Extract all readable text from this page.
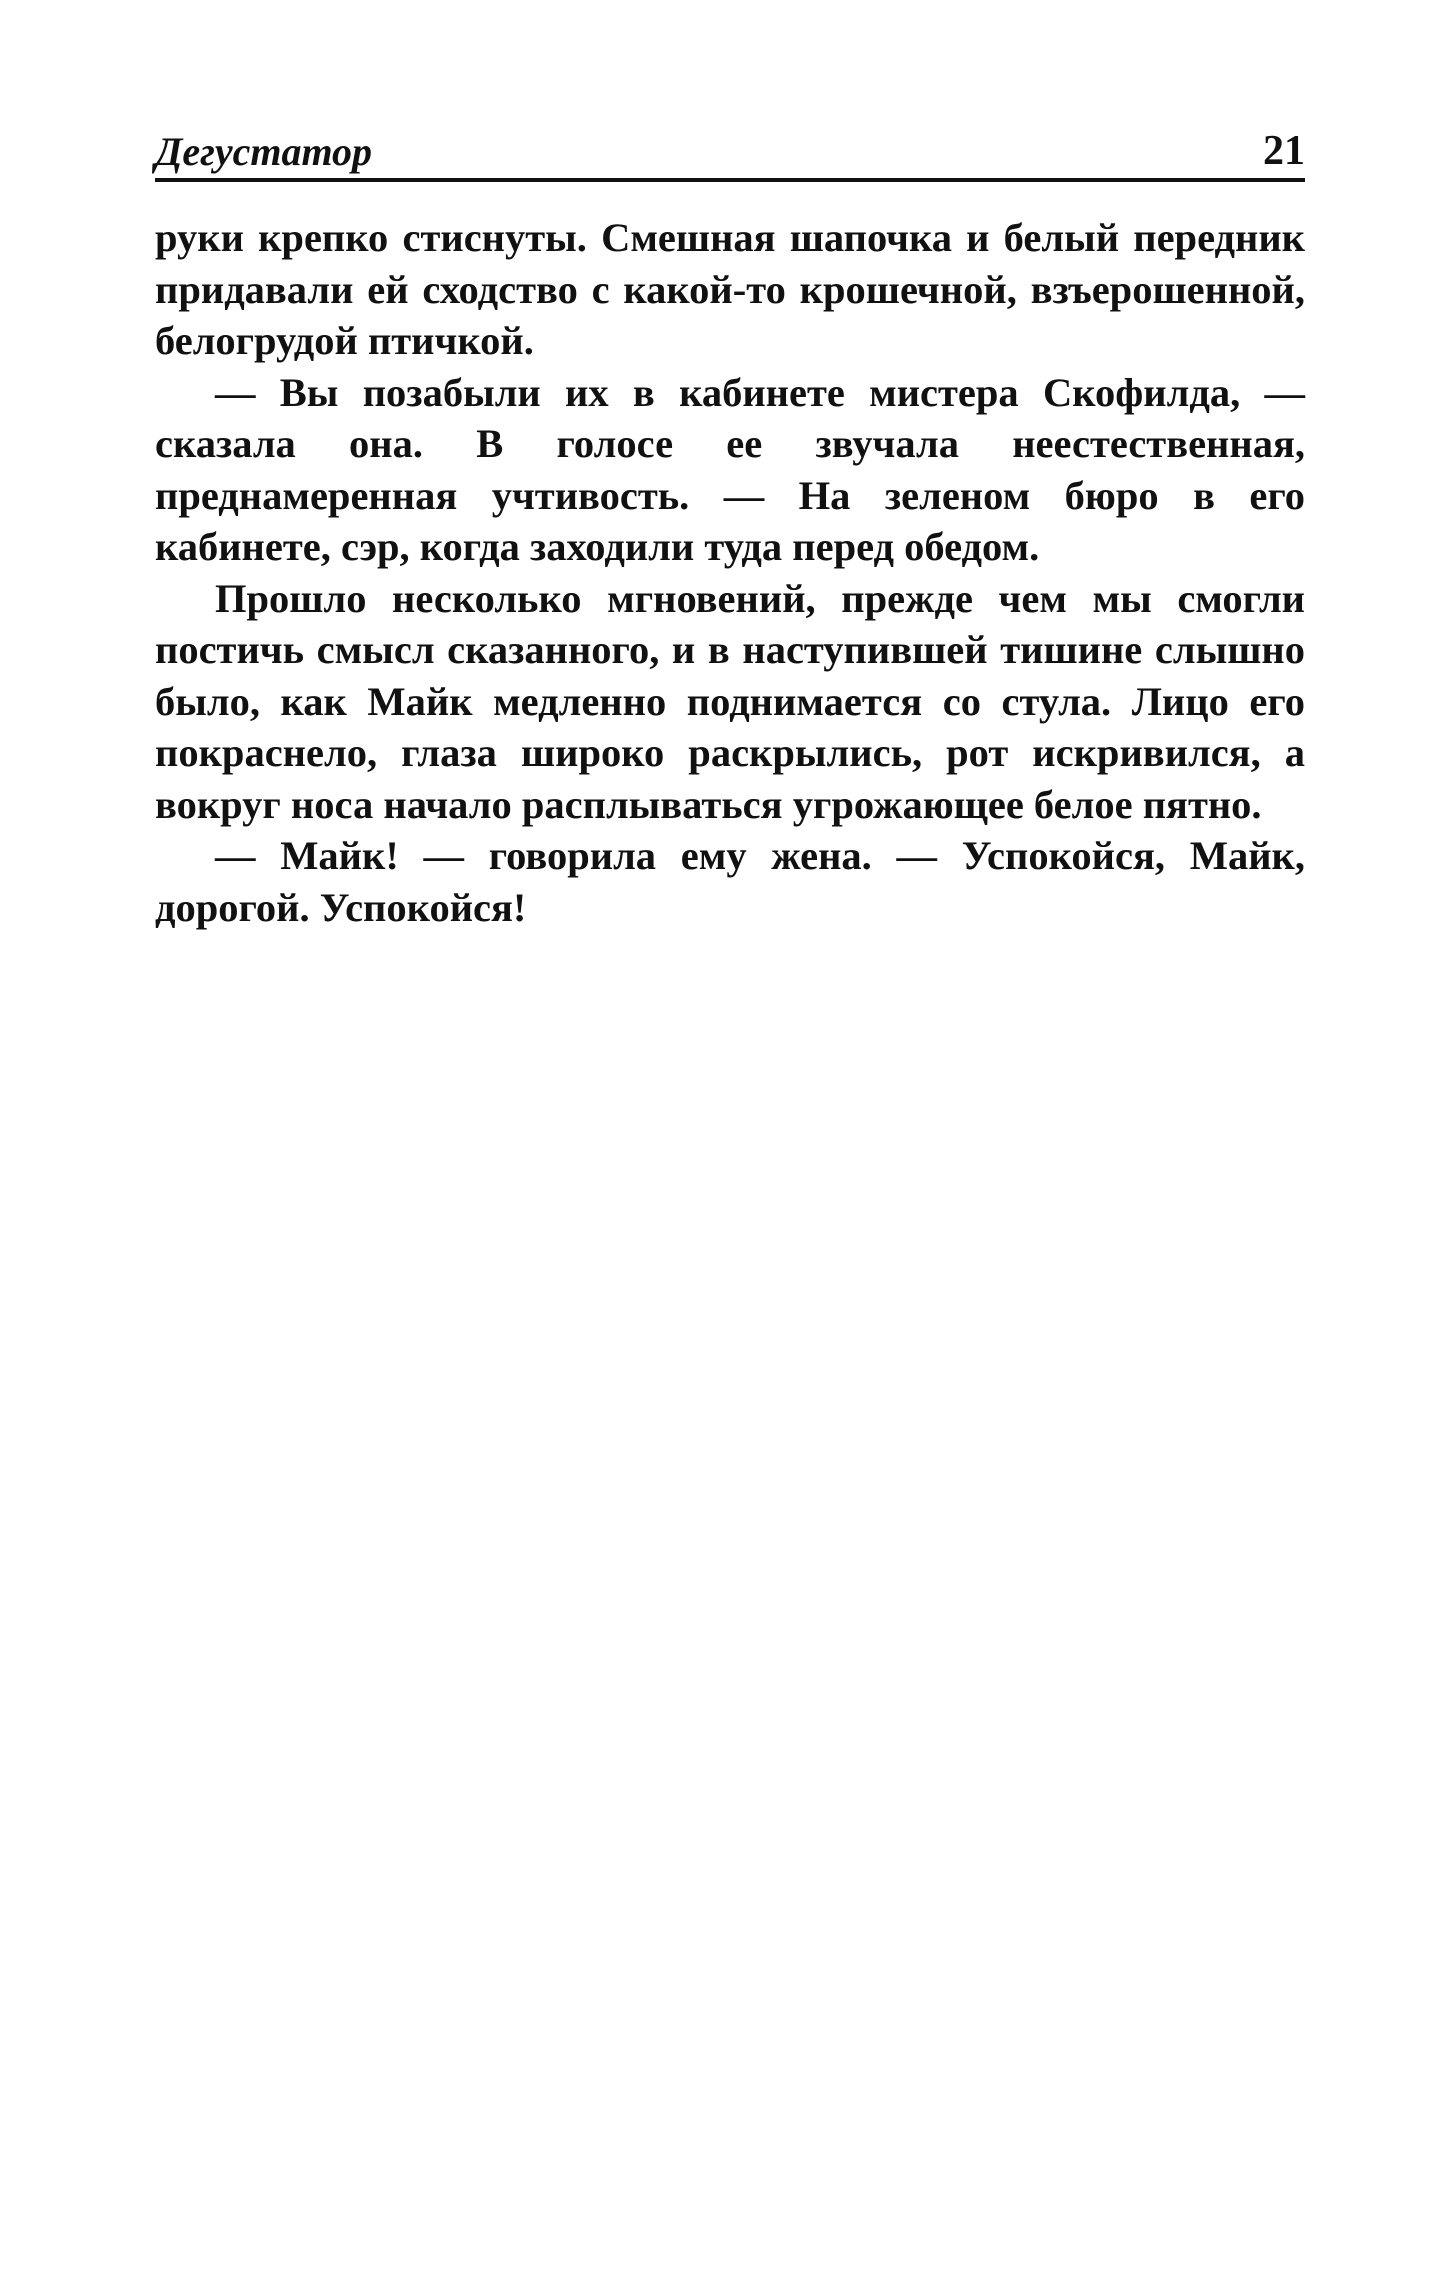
Дегустатор	21

руки крепко стиснуты. Смешная шапочка и белый передник придавали ей сходство с какой-то крошечной, взъерошенной, белогрудой птичкой.

— Вы позабыли их в кабинете мистера Скофилда, — сказала она. В голосе ее звучала неестественная, преднамеренная учтивость. — На зеленом бюро в его кабинете, сэр, когда заходили туда перед обедом.

Прошло несколько мгновений, прежде чем мы смогли постичь смысл сказанного, и в наступившей тишине слышно было, как Майк медленно поднимается со стула. Лицо его покраснело, глаза широко раскрылись, рот искривился, а вокруг носа начало расплываться угрожающее белое пятно.

— Майк! — говорила ему жена. — Успокойся, Майк, дорогой. Успокойся!
